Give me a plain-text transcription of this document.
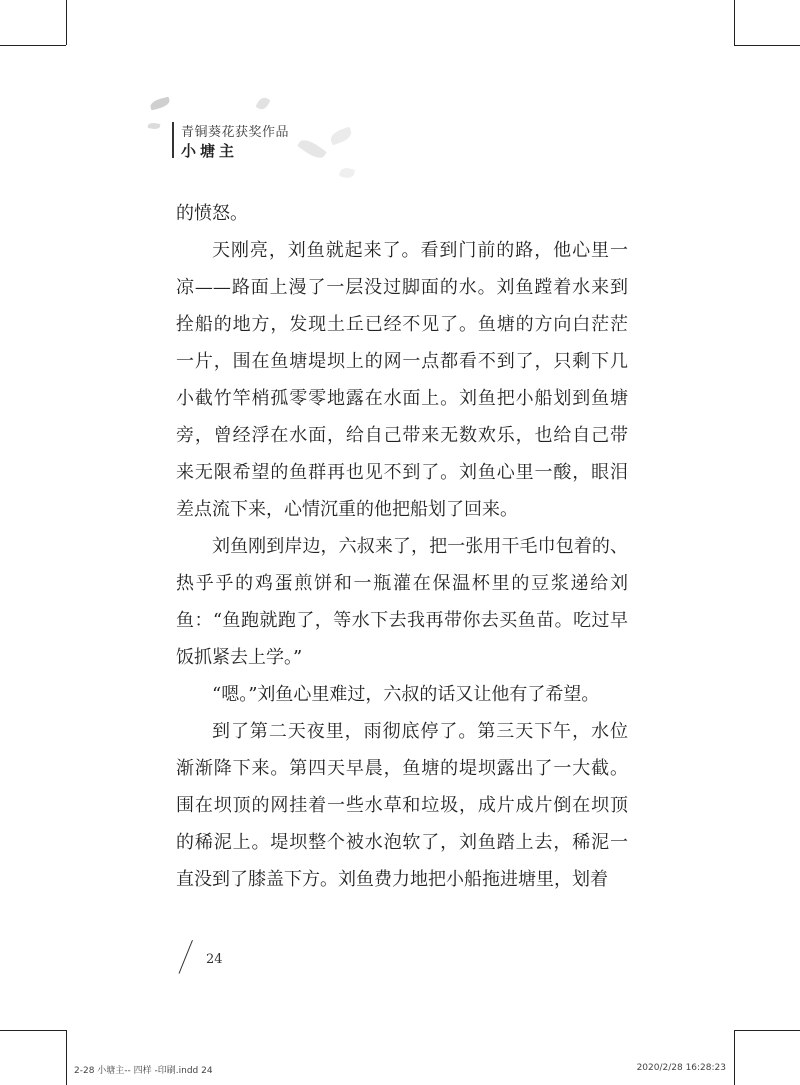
青铜葵花获奖作品
小塘主
的愤怒。
天刚亮，刘鱼就起来了。看到门前的路，他心里一
凉——路面上漫了一层没过脚面的水。刘鱼蹚着水来到
拴船的地方，发现土丘已经不见了。鱼塘的方向白茫茫
一片，围在鱼塘堤坝上的网一点都看不到了，只剩下几
小截竹竿梢孤零零地露在水面上。刘鱼把小船划到鱼塘
旁，曾经浮在水面，给自己带来无数欢乐，也给自己带
来无限希望的鱼群再也见不到了。刘鱼心里一酸，眼泪
差点流下来，心情沉重的他把船划了回来。
刘鱼刚到岸边，六叔来了，把一张用干毛巾包着的、
热乎乎的鸡蛋煎饼和一瓶灌在保温杯里的豆浆递给刘
鱼：“鱼跑就跑了，等水下去我再带你去买鱼苗。吃过早
饭抓紧去上学。”
“嗯。”刘鱼心里难过，六叔的话又让他有了希望。
到了第二天夜里，雨彻底停了。第三天下午，水位
渐渐降下来。第四天早晨，鱼塘的堤坝露出了一大截。
围在坝顶的网挂着一些水草和垃圾，成片成片倒在坝顶
的稀泥上。堤坝整个被水泡软了，刘鱼踏上去，稀泥一
直没到了膝盖下方。刘鱼费力地把小船拖进塘里，划着
24
2-28 小塘主-- 四样 -印刷.indd 24	2020/2/28 16:28:23
